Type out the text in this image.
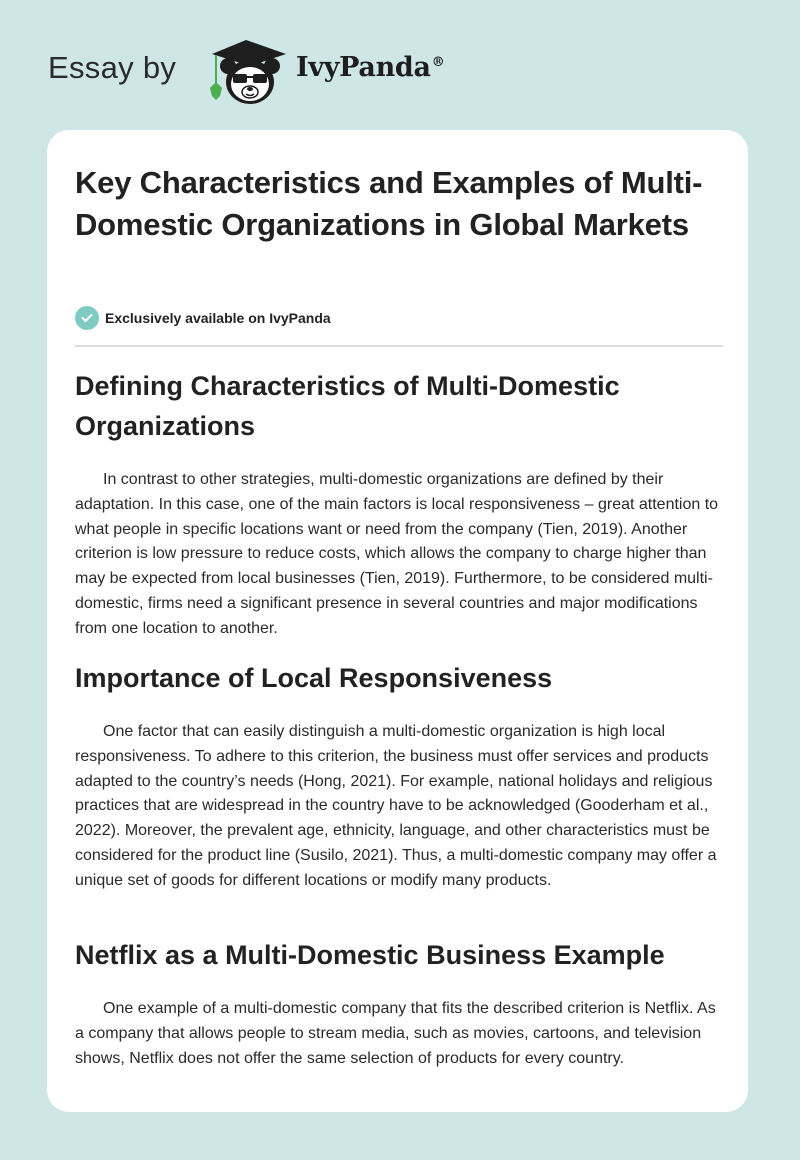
Essay by	IvyPanda®
Key Characteristics and Examples of Multi-Domestic Organizations in Global Markets
Exclusively available on IvyPanda
Defining Characteristics of Multi-Domestic Organizations

In contrast to other strategies, multi-domestic organizations are defined by their adaptation. In this case, one of the main factors is local responsiveness – great attention to what people in specific locations want or need from the company (Tien, 2019). Another criterion is low pressure to reduce costs, which allows the company to charge higher than may be expected from local businesses (Tien, 2019). Furthermore, to be considered multi-domestic, firms need a significant presence in several countries and major modifications from one location to another.

Importance of Local Responsiveness

One factor that can easily distinguish a multi-domestic organization is high local responsiveness. To adhere to this criterion, the business must offer services and products adapted to the country’s needs (Hong, 2021). For example, national holidays and religious practices that are widespread in the country have to be acknowledged (Gooderham et al., 2022). Moreover, the prevalent age, ethnicity, language, and other characteristics must be considered for the product line (Susilo, 2021). Thus, a multi-domestic company may offer a unique set of goods for different locations or modify many products.

Netflix as a Multi-Domestic Business Example

One example of a multi-domestic company that fits the described criterion is Netflix. As a company that allows people to stream media, such as movies, cartoons, and television shows, Netflix does not offer the same selection of products for every country.
